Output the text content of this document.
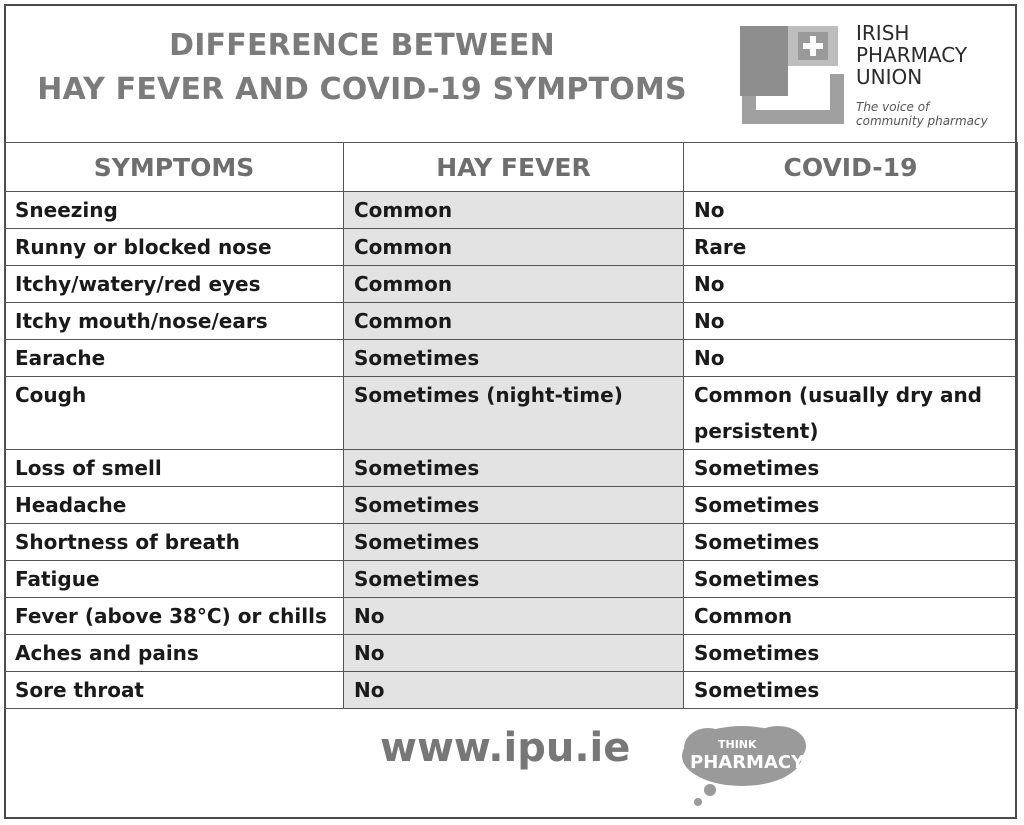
DIFFERENCE BETWEEN
HAY FEVER AND COVID-19 SYMPTOMS
IRISH
PHARMACY
UNION
The voice of
community pharmacy
SYMPTOMS	HAY FEVER	COVID-19
Sneezing	Common	No
Runny or blocked nose	Common	Rare
Itchy/watery/red eyes	Common	No
Itchy mouth/nose/ears	Common	No
Earache	Sometimes	No
Cough	Sometimes (night-time)	Common (usually dry and persistent)
Loss of smell	Sometimes	Sometimes
Headache	Sometimes	Sometimes
Shortness of breath	Sometimes	Sometimes
Fatigue	Sometimes	Sometimes
Fever (above 38°C) or chills	No	Common
Aches and pains	No	Sometimes
Sore throat	No	Sometimes
www.ipu.ie	THINK
PHARMACY
